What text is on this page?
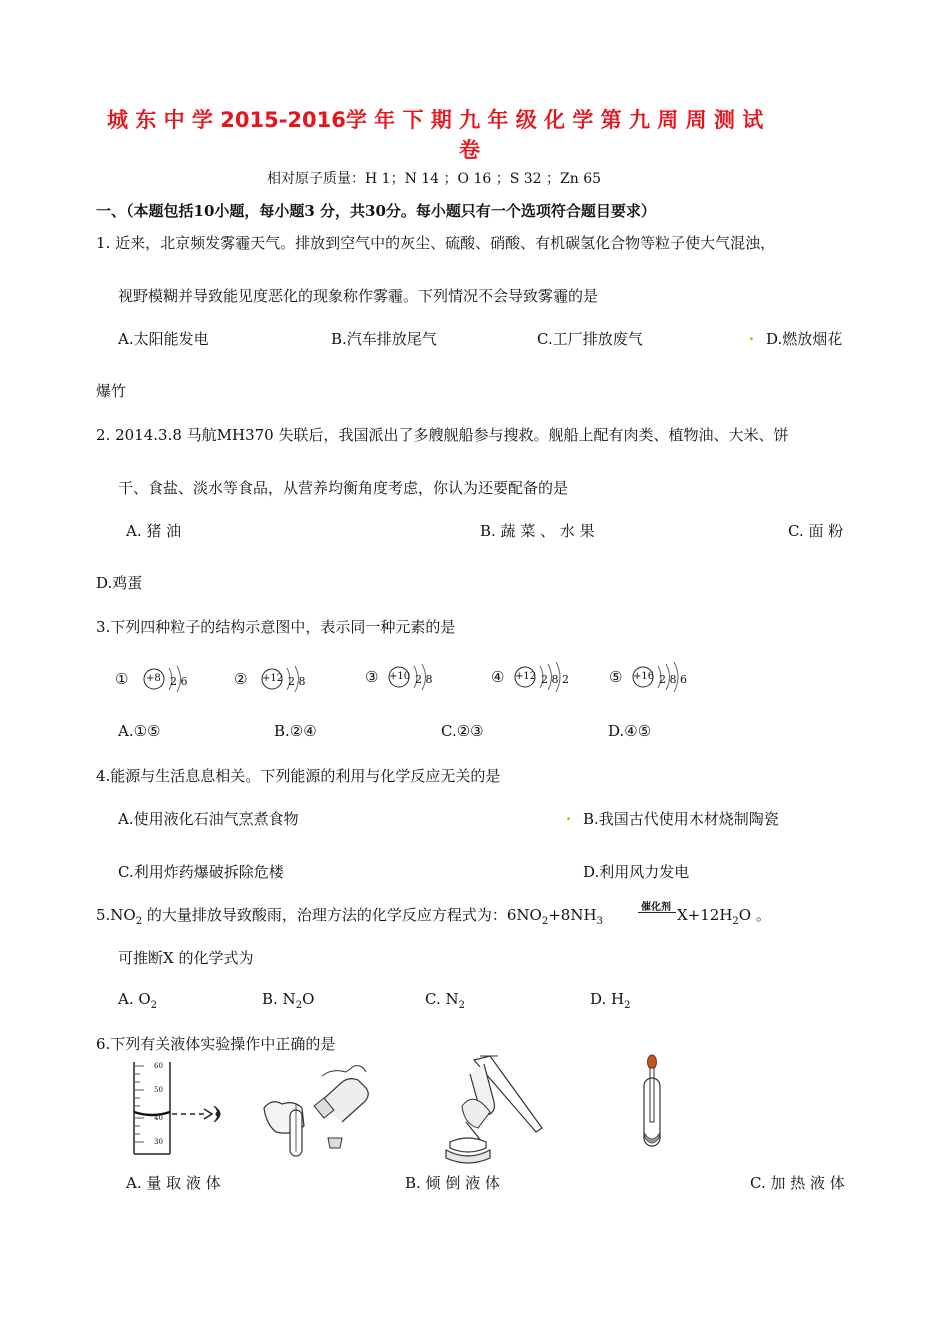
城 东 中 学 2015-2016学 年 下 期 九 年 级 化 学 第 九 周 周 测 试
卷
相对原子质量：H 1；N 14 ；O 16 ；S 32 ；Zn 65
一、（本题包括10小题，每小题3 分，共30分。每小题只有一个选项符合题目要求）
1. 近来，北京频发雾霾天气。排放到空气中的灰尘、硫酸、硝酸、有机碳氢化合物等粒子使大气混浊，
视野模糊并导致能见度恶化的现象称作雾霾。下列情况不会导致雾霾的是
A.太阳能发电	B.汽车排放尾气	C.工厂排放废气	. D.燃放烟花
爆竹
2. 2014.3.8 马航MH370 失联后，我国派出了多艘舰船参与搜救。舰船上配有肉类、植物油、大米、饼
干、食盐、淡水等食品，从营养均衡角度考虑，你认为还要配备的是
A. 猪 油	B. 蔬 菜 、 水 果	C. 面 粉
D.鸡蛋
3.下列四种粒子的结构示意图中，表示同一种元素的是
① +8 2 6	② +12 2 8	③ +10 2 8	④ +12 2 8 2	⑤ +16 2 8 6
A.①⑤	B.②④	C.②③	D.④⑤
4.能源与生活息息相关。下列能源的利用与化学反应无关的是
A.使用液化石油气烹煮食物	. B.我国古代使用木材烧制陶瓷
C.利用炸药爆破拆除危楼	D.利用风力发电
$5.NO_2$ 的大量排放导致酸雨，治理方法的化学反应方程式为：$6NO_2+8NH_3$
催化剂 $X+12H_2O$ 。
可推断X 的化学式为
A. $O_2$	B. $N_2O$	C. $N_2$	D. $H_2$
6.下列有关液体实验操作中正确的是
60
50
40
30
A. 量 取 液 体	B. 倾 倒 液 体	C. 加 热 液 体
